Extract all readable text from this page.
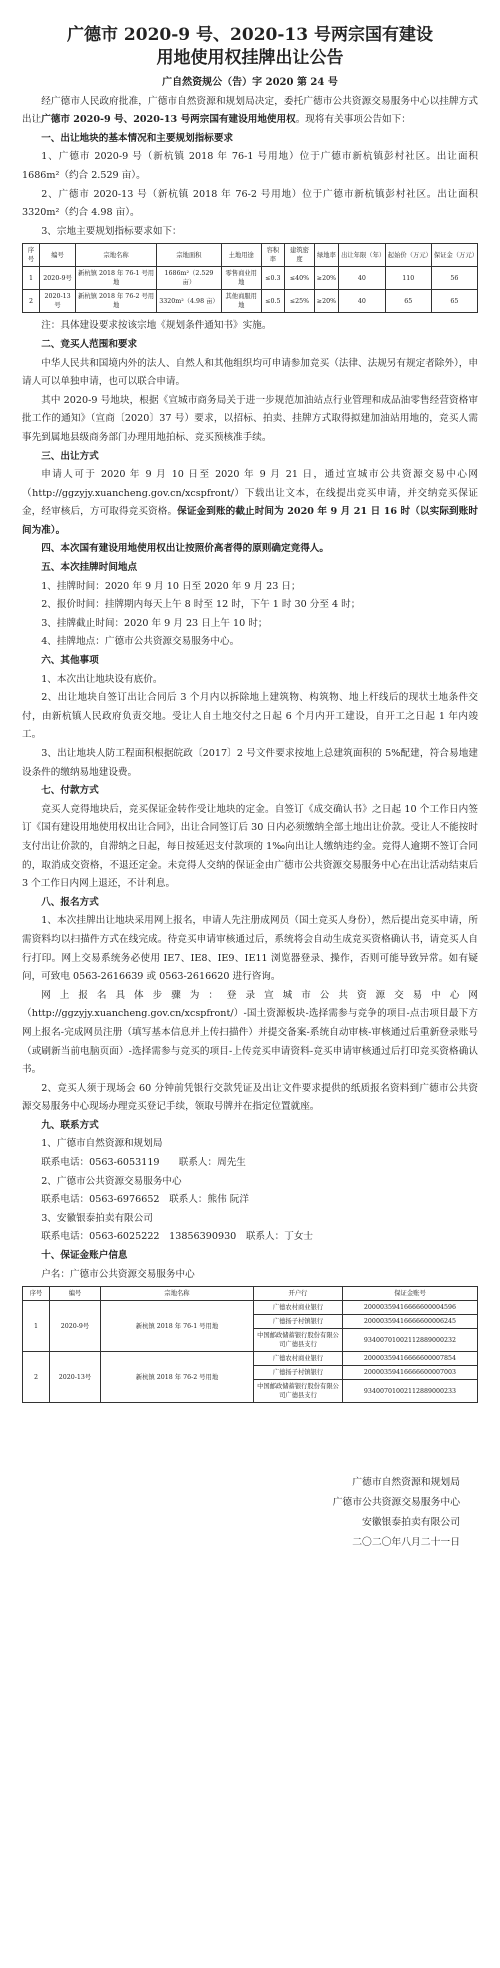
广德市 2020-9 号、2020-13 号两宗国有建设
用地使用权挂牌出让公告
广自然资规公（告）字 2020 第 24 号

经广德市人民政府批准，广德市自然资源和规划局决定，委托广德市公共资源交易服务中心以挂牌方式出让广德市 2020-9 号、2020-13 号两宗国有建设用地使用权。现将有关事项公告如下：

一、出让地块的基本情况和主要规划指标要求

1、广德市 2020-9 号（新杭镇 2018 年 76-1 号用地）位于广德市新杭镇彭村社区。出让面积 1686m²（约合 2.529 亩）。

2、广德市 2020-13 号（新杭镇 2018 年 76-2 号用地）位于广德市新杭镇彭村社区。出让面积 3320m²（约合 4.98 亩）。

3、宗地主要规划指标要求如下：

序号	编号	宗地名称	宗地面积	土地用途	容积率	建筑密度	绿地率	出让年限（年）	起始价（万元）	保证金（万元）
1	2020-9号	新杭镇 2018 年 76-1 号用地	1686m²（2.529 亩）	零售商业用地	≤0.3	≤40%	≥20%	40	110	56
2	2020-13号	新杭镇 2018 年 76-2 号用地	3320m²（4.98 亩）	其他商服用地	≤0.5	≤25%	≥20%	40	65	65

注：具体建设要求按该宗地《规划条件通知书》实施。

二、竞买人范围和要求

中华人民共和国境内外的法人、自然人和其他组织均可申请参加竞买（法律、法规另有规定者除外），申请人可以单独申请，也可以联合申请。

其中 2020-9 号地块，根据《宣城市商务局关于进一步规范加油站点行业管理和成品油零售经营资格审批工作的通知》（宣商〔2020〕37 号）要求，以招标、拍卖、挂牌方式取得拟建加油站用地的，竞买人需事先到属地县级商务部门办理用地拍标、竞买预核准手续。

三、出让方式

申请人可于 2020 年 9 月 10 日至 2020 年 9 月 21 日，通过宣城市公共资源交易中心网（http://ggzyjy.xuancheng.gov.cn/xcspfront/）下载出让文本，在线提出竞买申请，并交纳竞买保证金，经审核后，方可取得竞买资格。保证金到账的截止时间为 2020 年 9 月 21 日 16 时（以实际到账时间为准）。

四、本次国有建设用地使用权出让按照价高者得的原则确定竞得人。
五、本次挂牌时间地点

1、挂牌时间：2020 年 9 月 10 日至 2020 年 9 月 23 日；

2、报价时间：挂牌期内每天上午 8 时至 12 时，下午 1 时 30 分至 4 时；

3、挂牌截止时间：2020 年 9 月 23 日上午 10 时；

4、挂牌地点：广德市公共资源交易服务中心。

六、其他事项

1、本次出让地块设有底价。

2、出让地块自签订出让合同后 3 个月内以拆除地上建筑物、构筑物、地上杆线后的现状土地条件交付，由新杭镇人民政府负责交地。受让人自土地交付之日起 6 个月内开工建设，自开工之日起 1 年内竣工。

3、出让地块人防工程面积根据皖政〔2017〕2 号文件要求按地上总建筑面积的 5%配建，符合易地建设条件的缴纳易地建设费。

七、付款方式

竞买人竞得地块后，竞买保证金转作受让地块的定金。自签订《成交确认书》之日起 10 个工作日内签订《国有建设用地使用权出让合同》，出让合同签订后 30 日内必须缴纳全部土地出让价款。受让人不能按时支付出让价款的，自滞纳之日起，每日按延迟支付款项的 1‰向出让人缴纳违约金。竞得人逾期不签订合同的，取消成交资格，不退还定金。未竞得人交纳的保证金由广德市公共资源交易服务中心在出让活动结束后 3 个工作日内网上退还，不计利息。

八、报名方式

1、本次挂牌出让地块采用网上报名，申请人先注册成网员（国土竞买人身份），然后提出竞买申请，所需资料均以扫描件方式在线完成。待竞买申请审核通过后，系统将会自动生成竞买资格确认书，请竞买人自行打印。网上交易系统务必使用 IE7、IE8、IE9、IE11 浏览器登录、操作，否则可能导致异常。如有疑问，可致电 0563-2616639 或 0563-2616620 进行咨询。

网上报名具体步骤为：登录宣城市公共资源交易中心网（http://ggzyjy.xuancheng.gov.cn/xcspfront/）-国土资源板块-选择需参与竞争的项目-点击项目最下方网上报名-完成网员注册（填写基本信息并上传扫描件）并提交备案-系统自动审核-审核通过后重新登录账号（或刷新当前电脑页面）-选择需参与竞买的项目-上传竞买申请资料-竞买申请审核通过后打印竞买资格确认书。

2、竞买人须于现场会 60 分钟前凭银行交款凭证及出让文件要求提供的纸质报名资料到广德市公共资源交易服务中心现场办理竞买登记手续，领取号牌并在指定位置就座。

九、联系方式

1、广德市自然资源和规划局

联系电话：0563-6053119　　联系人：周先生

2、广德市公共资源交易服务中心

联系电话：0563-6976652　联系人：熊伟 阮洋

3、安徽银泰拍卖有限公司

联系电话：0563-6025222　13856390930　联系人：丁女士

十、保证金账户信息

户名：广德市公共资源交易服务中心

序号	编号	宗地名称	开户行	保证金账号
1	2020-9号	新杭镇 2018 年 76-1 号用地	广德农村商业银行	20000359416666600004596
			广德扬子村镇银行	20000359416666600006245
			中国邮政储蓄银行股份有限公司广德县支行	93400701002112889000232
2	2020-13号	新杭镇 2018 年 76-2 号用地	广德农村商业银行	20000359416666600007854
			广德扬子村镇银行	20000359416666600007003
			中国邮政储蓄银行股份有限公司广德县支行	93400701002112889000233
广德市自然资源和规划局
广德市公共资源交易服务中心
安徽银泰拍卖有限公司
二〇二〇年八月二十一日
